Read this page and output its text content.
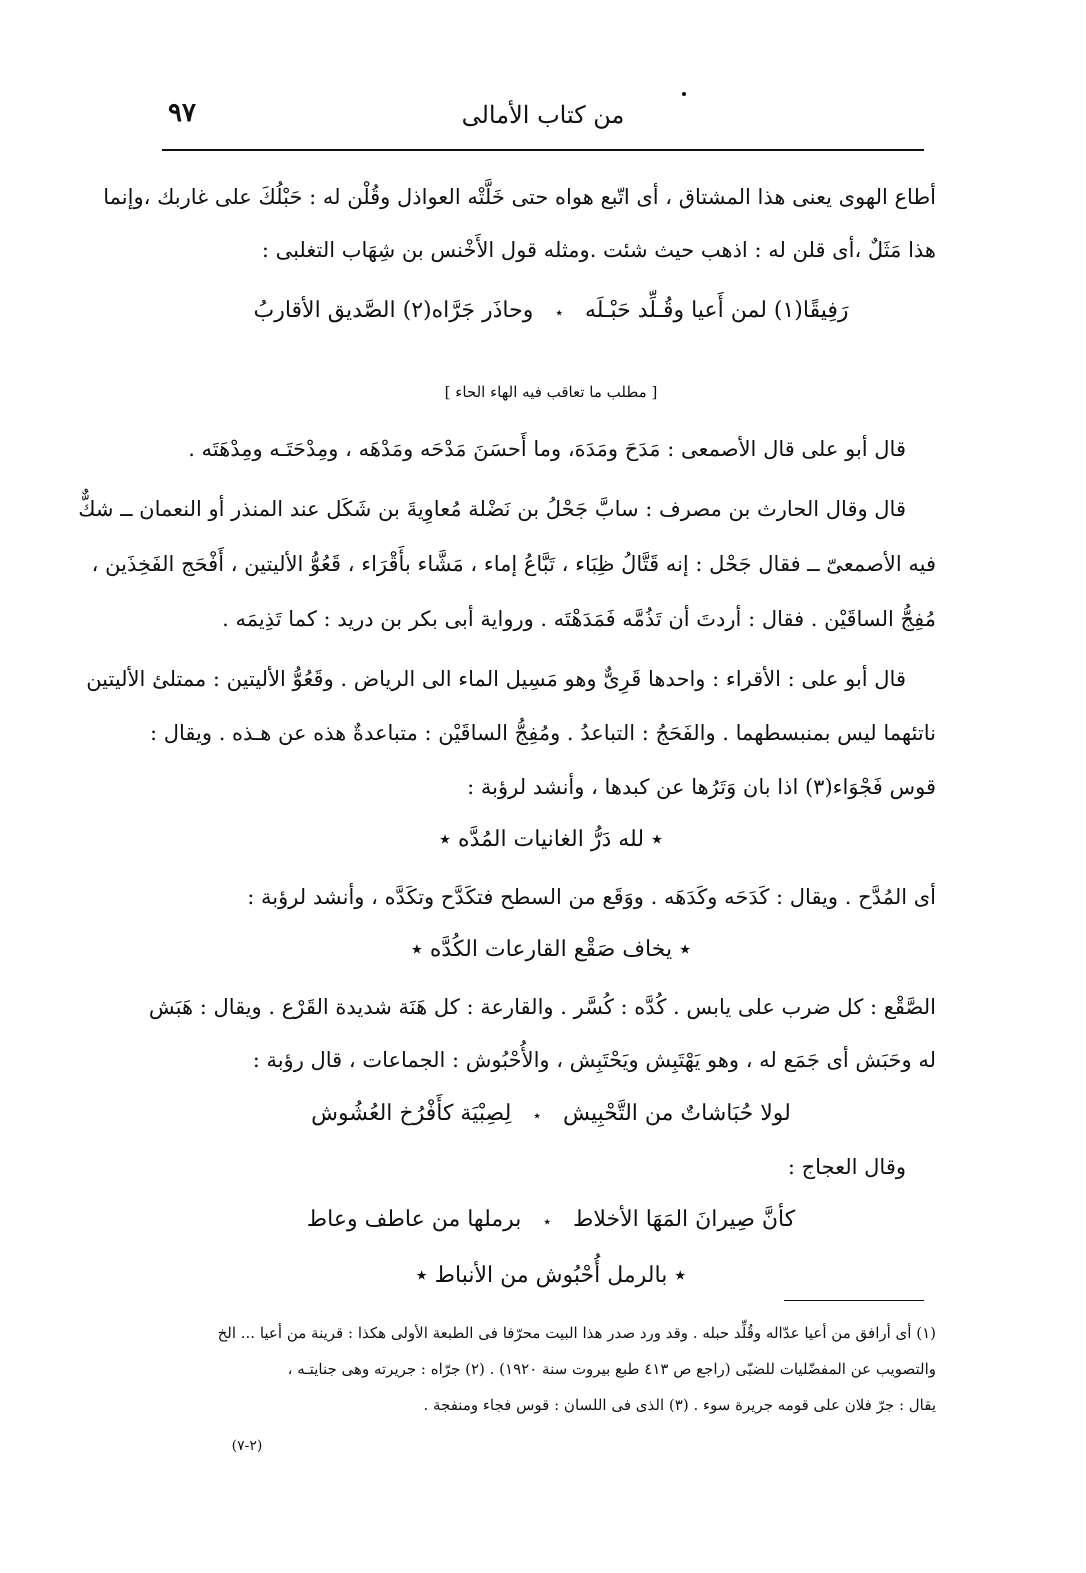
٩٧	من كتاب الأمالى
أطاع الهوى يعنى هذا المشتاق ، أى اتّبع هواه حتى خَلَّتْه العواذل وقُلْن له : حَبْلُكَ على غاربك ،وإنما
هذا مَثَلٌ ،أى قلن له : اذهب حيث شئت .ومثله قول الأَخْنس بن شِهَاب التغلبى :
رَفِيقًا(١) لمن أَعيا وقُـلِّد حَبْـلَه٭وحاذَر جَرَّاه(٢) الصَّديق الأقاربُ
[ مطلب ما تعاقب فيه الهاء الحاء ]
قال أبو على قال الأصمعى : مَدَحَ ومَدَهَ، وما أَحسَنَ مَدْحَه ومَدْهَه ، ومِدْحَتَـه ومِدْهَتَه .
قال وقال الحارث بن مصرف : سابَّ جَحْلُ بن نَضْلة مُعاوِيةَ بن شَكَل عند المنذر أو النعمان ــ شكٌّ
فيه الأصمعىّ ــ فقال جَحْل : إنه قَتَّالُ ظِبَاء ، تَبَّاعُ إماء ، مَشَّاء بأَقْرَاء ، قَعُوُّ الأليتين ، أَفْحَج الفَخِذَين ،
مُفِجُّ الساقَيْن . فقال : أردتَ أن تَذُمَّه فَمَدَهْتَه . ورواية أبى بكر بن دريد : كما تَذِيمَه .
قال أبو على : الأقراء : واحدها قَرِىٌّ وهو مَسِيل الماء الى الرياض . وقَعُوُّ الأليتين : ممتلئ الأليتين
ناتئهما ليس بمنبسطهما . والفَحَجُ : التباعدُ . ومُفِجُّ الساقَيْن : متباعدةٌ هذه عن هـذه . ويقال :
قوس فَجْوَاء(٣) اذا بان وَتَرُها عن كبدها ، وأنشد لرؤبة :
٭ لله دَرُّ الغانيات المُدَّه ٭
أى المُدَّح . ويقال : كَدَحَه وكَدَهَه . ووَقَع من السطح فتكَدَّح وتكَدَّه ، وأنشد لرؤبة :
٭ يخاف صَقْع القارعات الكُدَّه ٭
الصَّقْع : كل ضرب على يابس . كُدَّه : كُسَّر . والقارعة : كل هَنَة شديدة القَرْع . ويقال : هَبَش
له وحَبَش أى جَمَع له ، وهو يَهْتَبِش ويَحْتَبِش ، والأُحْبُوش : الجماعات ، قال رؤبة :
لولا حُبَاشاتٌ من التَّحْبِيش٭لِصِبْيَة كأَفْرُخ العُشُوش
وقال العجاج :
كأنَّ صِيرانَ المَهَا الأخلاط٭برملها من عاطف وعاط
٭ بالرمل أُحْبُوش من الأنباط ٭
(١) أى أرافق من أعيا عدّاله وقُلِّد حبله . وقد ورد صدر هذا البيت محرّفا فى الطبعة الأولى هكذا : قرينة من أعيا ... الخ
والتصويب عن المفضّليات للضبّى (راجع ص ٤١٣ طبع بيروت سنة ١٩٢٠) . (٢) جرّاه : جريرته وهى جنايتـه ،
يقال : جرّ فلان على قومه جريرة سوء . (٣) الذى فى اللسان : قوس فجاء ومنفجة .
(٢-٧)
